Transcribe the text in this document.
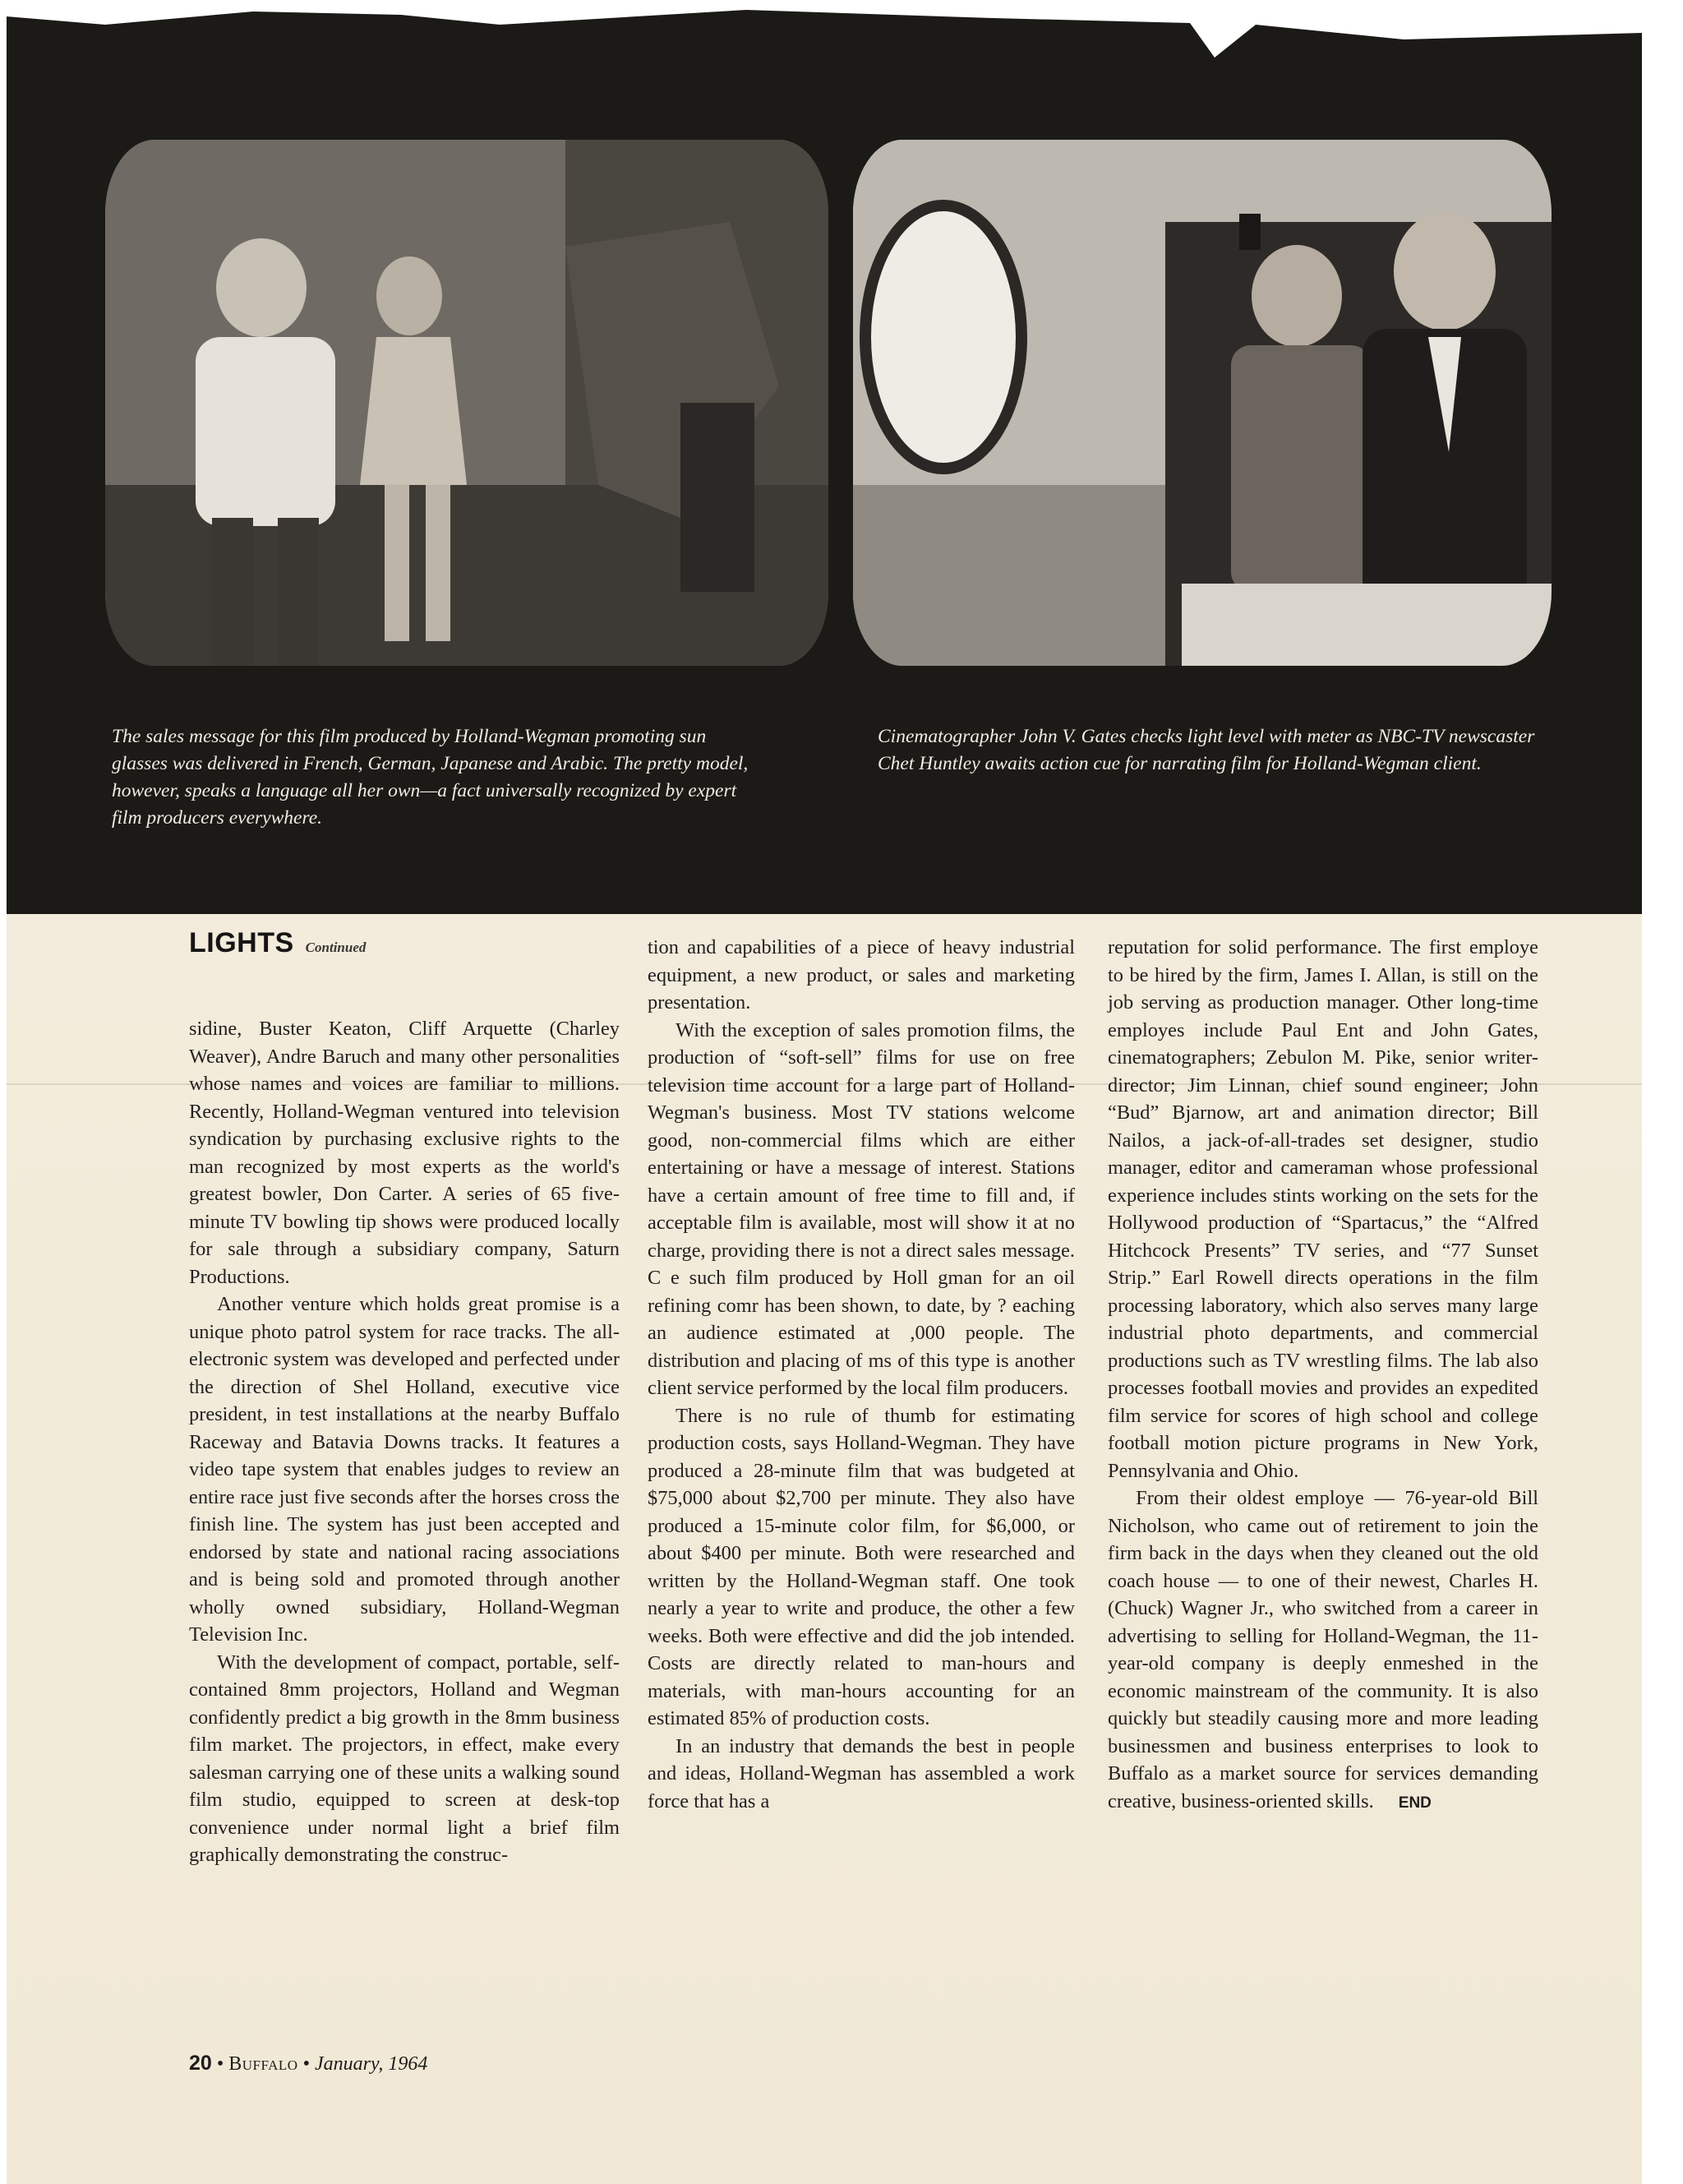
The sales message for this film produced by Holland-Wegman promoting sun glasses was delivered in French, German, Japanese and Arabic. The pretty model, however, speaks a language all her own—a fact universally recognized by expert film producers everywhere.
Cinematographer John V. Gates checks light level with meter as NBC-TV newscaster Chet Huntley awaits action cue for narrating film for Holland-Wegman client.
LIGHTS Continued

sidine, Buster Keaton, Cliff Arquette (Charley Weaver), Andre Baruch and many other personalities whose names and voices are familiar to millions. Recently, Holland-Wegman ventured into television syndication by purchasing exclusive rights to the man recognized by most experts as the world's greatest bowler, Don Carter. A series of 65 five-minute TV bowling tip shows were produced locally for sale through a subsidiary company, Saturn Productions.

Another venture which holds great promise is a unique photo patrol system for race tracks. The all-electronic system was developed and perfected under the direction of Shel Holland, executive vice president, in test installations at the nearby Buffalo Raceway and Batavia Downs tracks. It features a video tape system that enables judges to review an entire race just five seconds after the horses cross the finish line. The system has just been accepted and endorsed by state and national racing associations and is being sold and promoted through another wholly owned subsidiary, Holland-Wegman Television Inc.

With the development of compact, portable, self-contained 8mm projectors, Holland and Wegman confidently predict a big growth in the 8mm business film market. The projectors, in effect, make every salesman carrying one of these units a walking sound film studio, equipped to screen at desk-top convenience under normal light a brief film graphically demonstrating the construc-

tion and capabilities of a piece of heavy industrial equipment, a new product, or sales and marketing presentation.

With the exception of sales promotion films, the production of “soft-sell” films for use on free television time account for a large part of Holland-Wegman's business. Most TV stations welcome good, non-commercial films which are either entertaining or have a message of interest. Stations have a certain amount of free time to fill and, if acceptable film is available, most will show it at no charge, providing there is not a direct sales message. C e such film produced by Holl gman for an oil refining comr has been shown, to date, by ? eaching an audience estimated at ,000 people. The distribution and placing of ms of this type is another client service performed by the local film producers.

There is no rule of thumb for estimating production costs, says Holland-Wegman. They have produced a 28-minute film that was budgeted at $75,000 about $2,700 per minute. They also have produced a 15-minute color film, for $6,000, or about $400 per minute. Both were researched and written by the Holland-Wegman staff. One took nearly a year to write and produce, the other a few weeks. Both were effective and did the job intended. Costs are directly related to man-hours and materials, with man-hours accounting for an estimated 85% of production costs.

In an industry that demands the best in people and ideas, Holland-Wegman has assembled a work force that has a

reputation for solid performance. The first employe to be hired by the firm, James I. Allan, is still on the job serving as production manager. Other long-time employes include Paul Ent and John Gates, cinematographers; Zebulon M. Pike, senior writer-director; Jim Linnan, chief sound engineer; John “Bud” Bjarnow, art and animation director; Bill Nailos, a jack-of-all-trades set designer, studio manager, editor and cameraman whose professional experience includes stints working on the sets for the Hollywood production of “Spartacus,” the “Alfred Hitchcock Presents” TV series, and “77 Sunset Strip.” Earl Rowell directs operations in the film processing laboratory, which also serves many large industrial photo departments, and commercial productions such as TV wrestling films. The lab also processes football movies and provides an expedited film service for scores of high school and college football motion picture programs in New York, Pennsylvania and Ohio.

From their oldest employe — 76-year-old Bill Nicholson, who came out of retirement to join the firm back in the days when they cleaned out the old coach house — to one of their newest, Charles H. (Chuck) Wagner Jr., who switched from a career in advertising to selling for Holland-Wegman, the 11-year-old company is deeply enmeshed in the economic mainstream of the community. It is also quickly but steadily causing more and more leading businessmen and business enterprises to look to Buffalo as a market source for services demanding creative, business-oriented skills. END

20 • Buffalo • January, 1964
